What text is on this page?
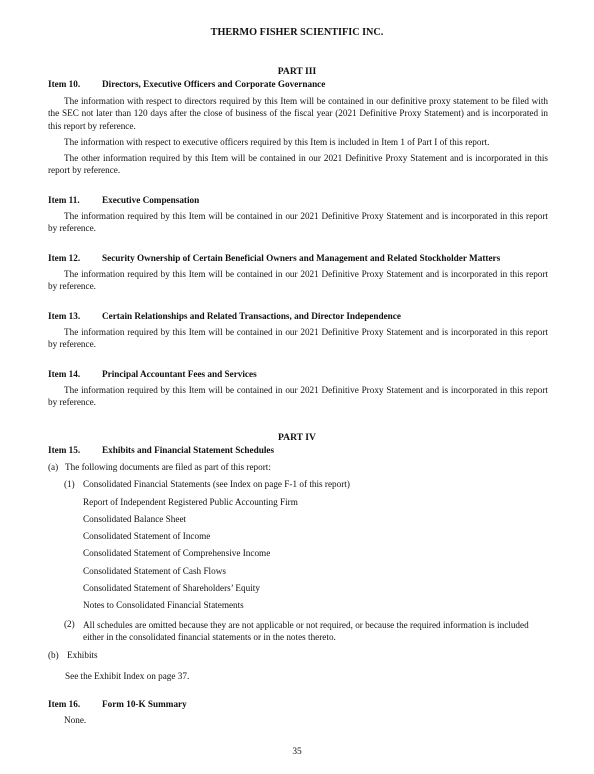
THERMO FISHER SCIENTIFIC INC.
PART III
Item 10. Directors, Executive Officers and Corporate Governance
The information with respect to directors required by this Item will be contained in our definitive proxy statement to be filed with the SEC not later than 120 days after the close of business of the fiscal year (2021 Definitive Proxy Statement) and is incorporated in this report by reference.
The information with respect to executive officers required by this Item is included in Item 1 of Part I of this report.
The other information required by this Item will be contained in our 2021 Definitive Proxy Statement and is incorporated in this report by reference.
Item 11. Executive Compensation
The information required by this Item will be contained in our 2021 Definitive Proxy Statement and is incorporated in this report by reference.
Item 12. Security Ownership of Certain Beneficial Owners and Management and Related Stockholder Matters
The information required by this Item will be contained in our 2021 Definitive Proxy Statement and is incorporated in this report by reference.
Item 13. Certain Relationships and Related Transactions, and Director Independence
The information required by this Item will be contained in our 2021 Definitive Proxy Statement and is incorporated in this report by reference.
Item 14. Principal Accountant Fees and Services
The information required by this Item will be contained in our 2021 Definitive Proxy Statement and is incorporated in this report by reference.
PART IV
Item 15. Exhibits and Financial Statement Schedules
(a) The following documents are filed as part of this report:
(1) Consolidated Financial Statements (see Index on page F-1 of this report)
Report of Independent Registered Public Accounting Firm
Consolidated Balance Sheet
Consolidated Statement of Income
Consolidated Statement of Comprehensive Income
Consolidated Statement of Cash Flows
Consolidated Statement of Shareholders’ Equity
Notes to Consolidated Financial Statements
(2) All schedules are omitted because they are not applicable or not required, or because the required information is included either in the consolidated financial statements or in the notes thereto.
(b) Exhibits
See the Exhibit Index on page 37.
Item 16. Form 10-K Summary
None.
35
